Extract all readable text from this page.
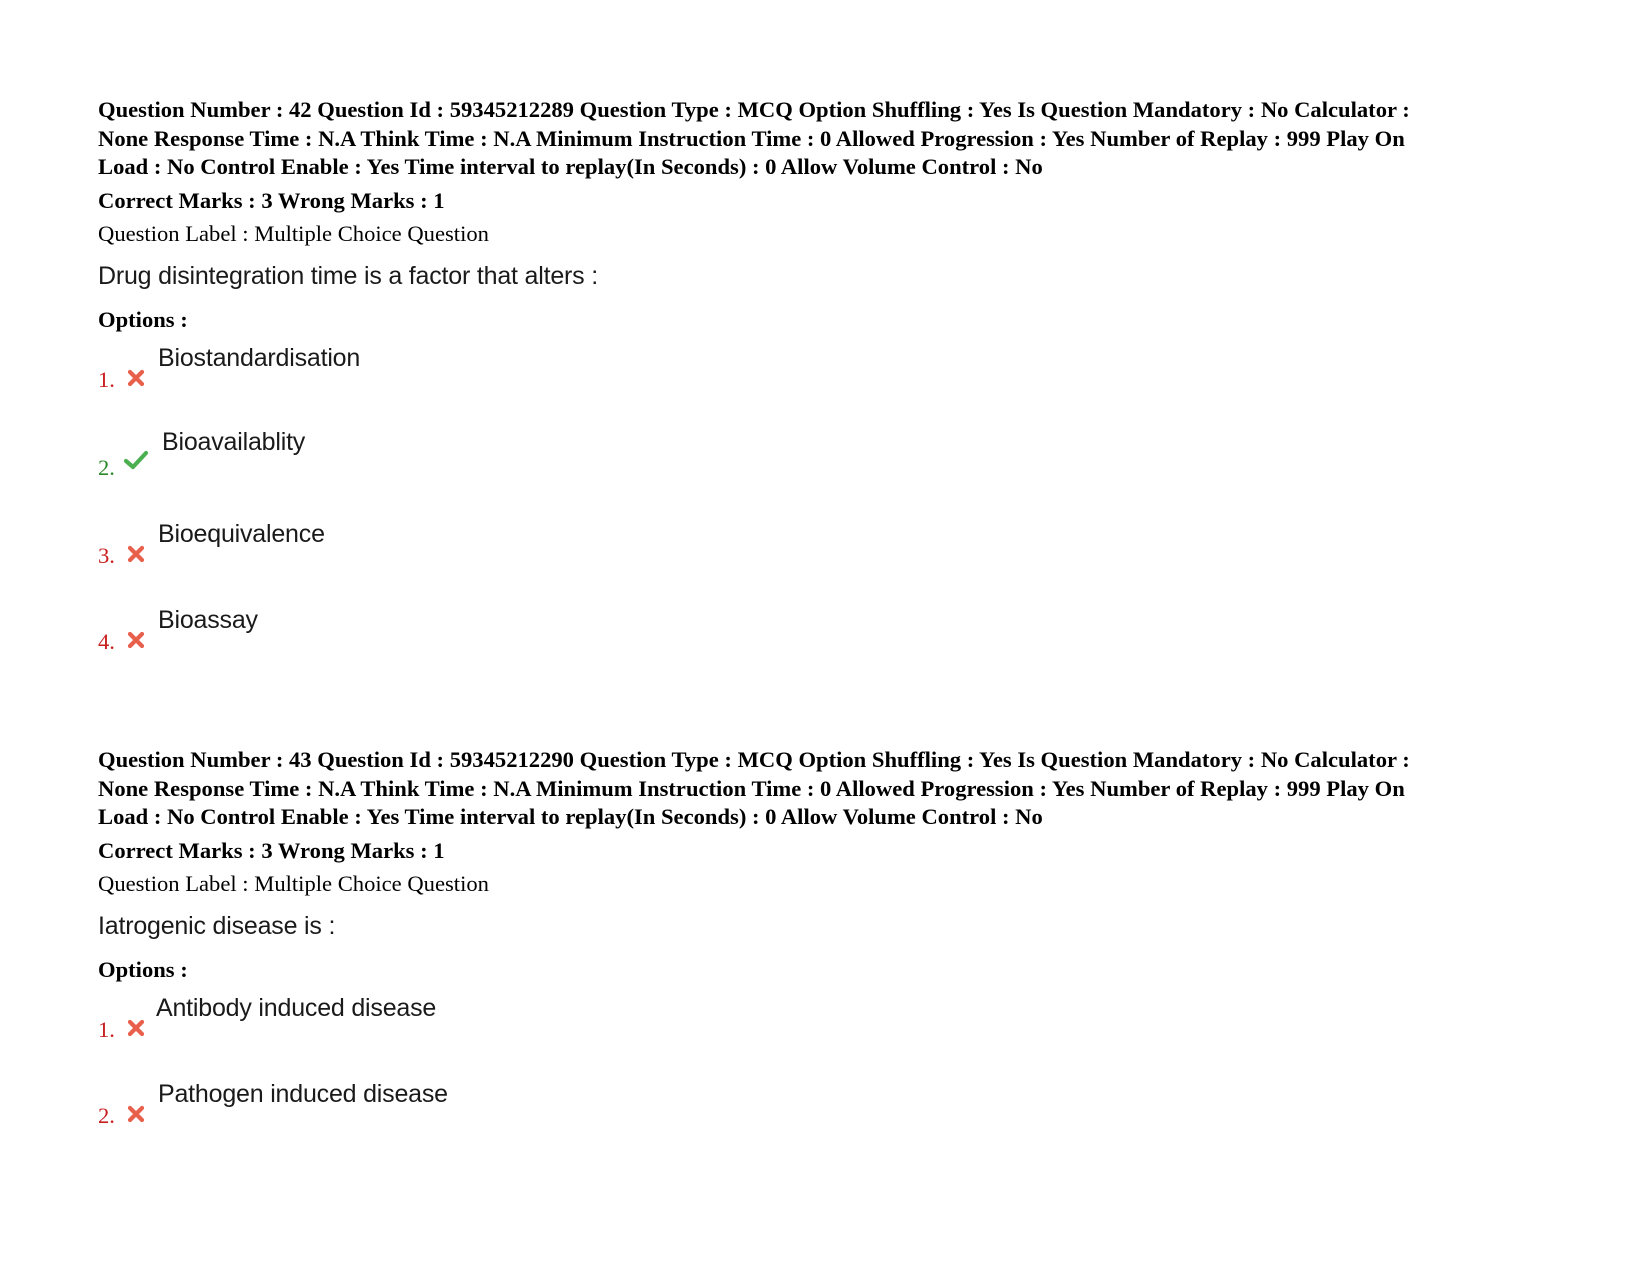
Question Number : 42 Question Id : 59345212289 Question Type : MCQ Option Shuffling : Yes Is Question Mandatory : No Calculator :
None Response Time : N.A Think Time : N.A Minimum Instruction Time : 0 Allowed Progression : Yes Number of Replay : 999 Play On
Load : No Control Enable : Yes Time interval to replay(In Seconds) : 0 Allow Volume Control : No
Correct Marks : 3 Wrong Marks : 1
Question Label : Multiple Choice Question
Drug disintegration time is a factor that alters :
Options :
1.
Biostandardisation
2.
Bioavailablity
3.
Bioequivalence
4.
Bioassay
Question Number : 43 Question Id : 59345212290 Question Type : MCQ Option Shuffling : Yes Is Question Mandatory : No Calculator :
None Response Time : N.A Think Time : N.A Minimum Instruction Time : 0 Allowed Progression : Yes Number of Replay : 999 Play On
Load : No Control Enable : Yes Time interval to replay(In Seconds) : 0 Allow Volume Control : No
Correct Marks : 3 Wrong Marks : 1
Question Label : Multiple Choice Question
Iatrogenic disease is :
Options :
1.
Antibody induced disease
2.
Pathogen induced disease
